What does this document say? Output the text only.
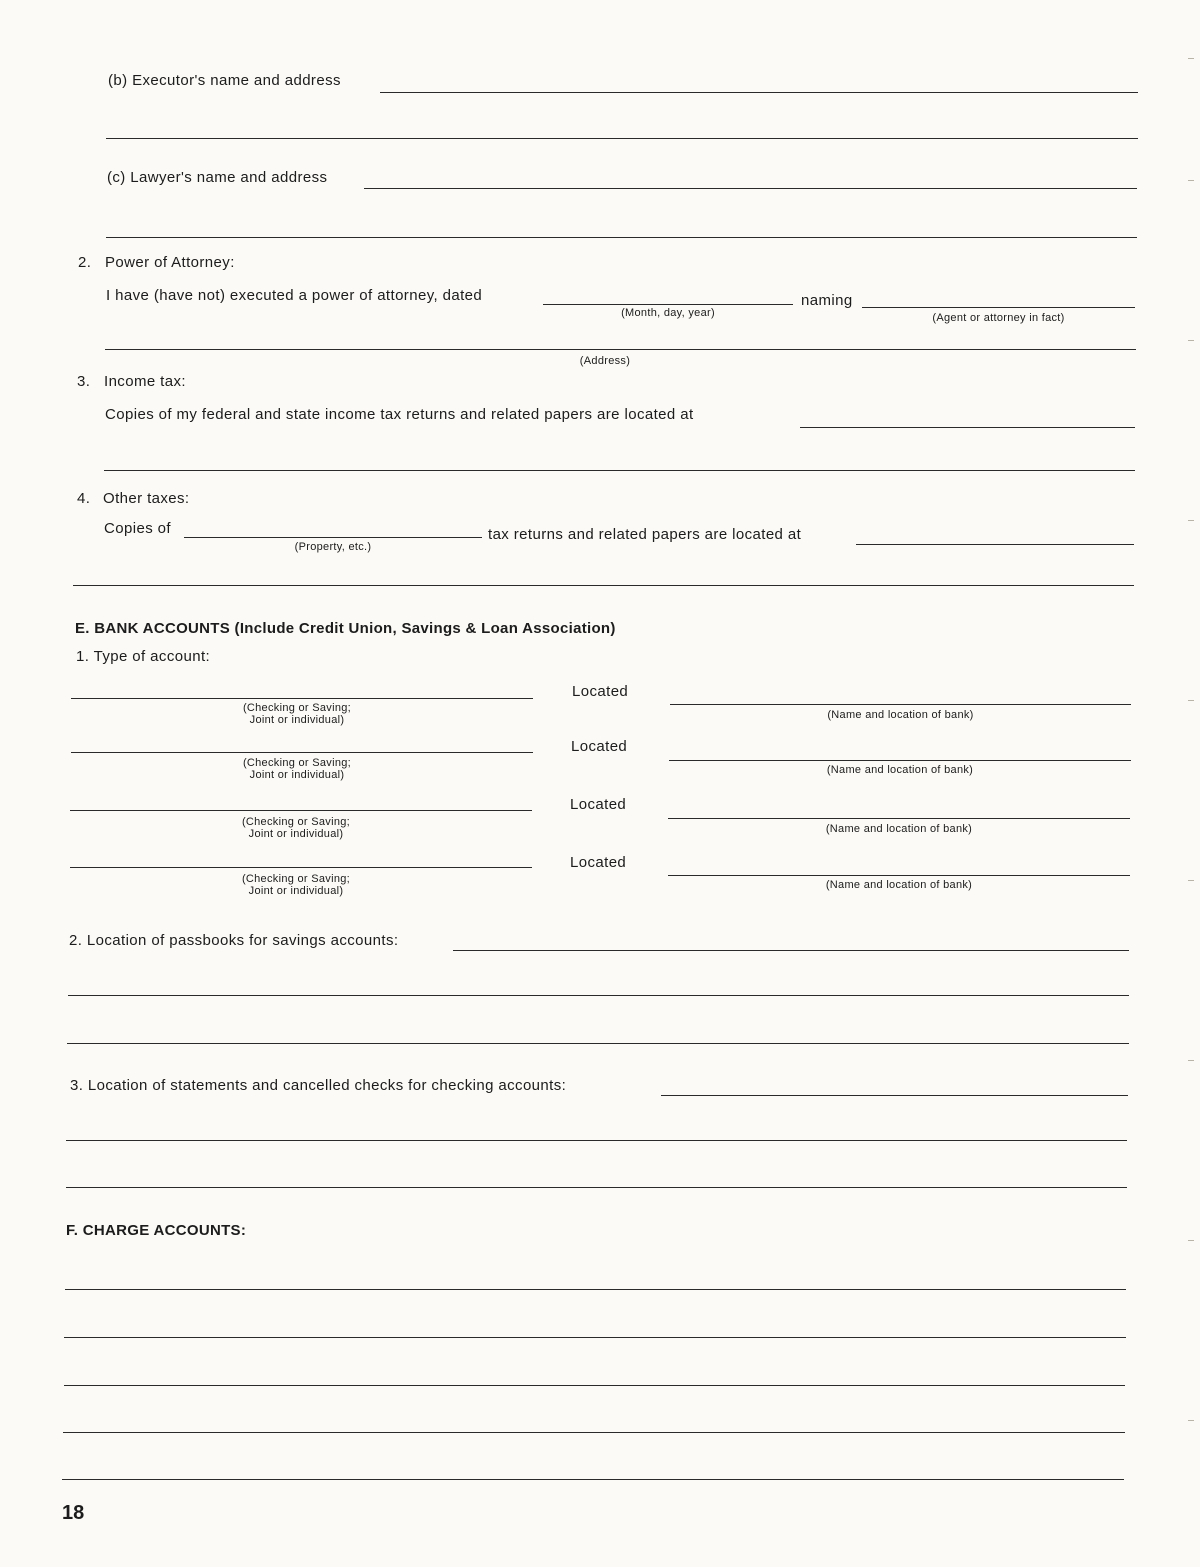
(b) Executor's name and address
(c) Lawyer's name and address
2. Power of Attorney:
I have (have not) executed a power of attorney, dated
(Month, day, year)
naming
(Agent or attorney in fact)
(Address)
3. Income tax:
Copies of my federal and state income tax returns and related papers are located at
4. Other taxes:
Copies of
(Property, etc.)
tax returns and related papers are located at
E. BANK ACCOUNTS (Include Credit Union, Savings & Loan Association)
1. Type of account:
(Checking or Saving;
Joint or individual)
Located
(Name and location of bank)
(Checking or Saving;
Joint or individual)
Located
(Name and location of bank)
(Checking or Saving;
Joint or individual)
Located
(Name and location of bank)
(Checking or Saving;
Joint or individual)
Located
(Name and location of bank)
2. Location of passbooks for savings accounts:
3. Location of statements and cancelled checks for checking accounts:
F. CHARGE ACCOUNTS:
18
